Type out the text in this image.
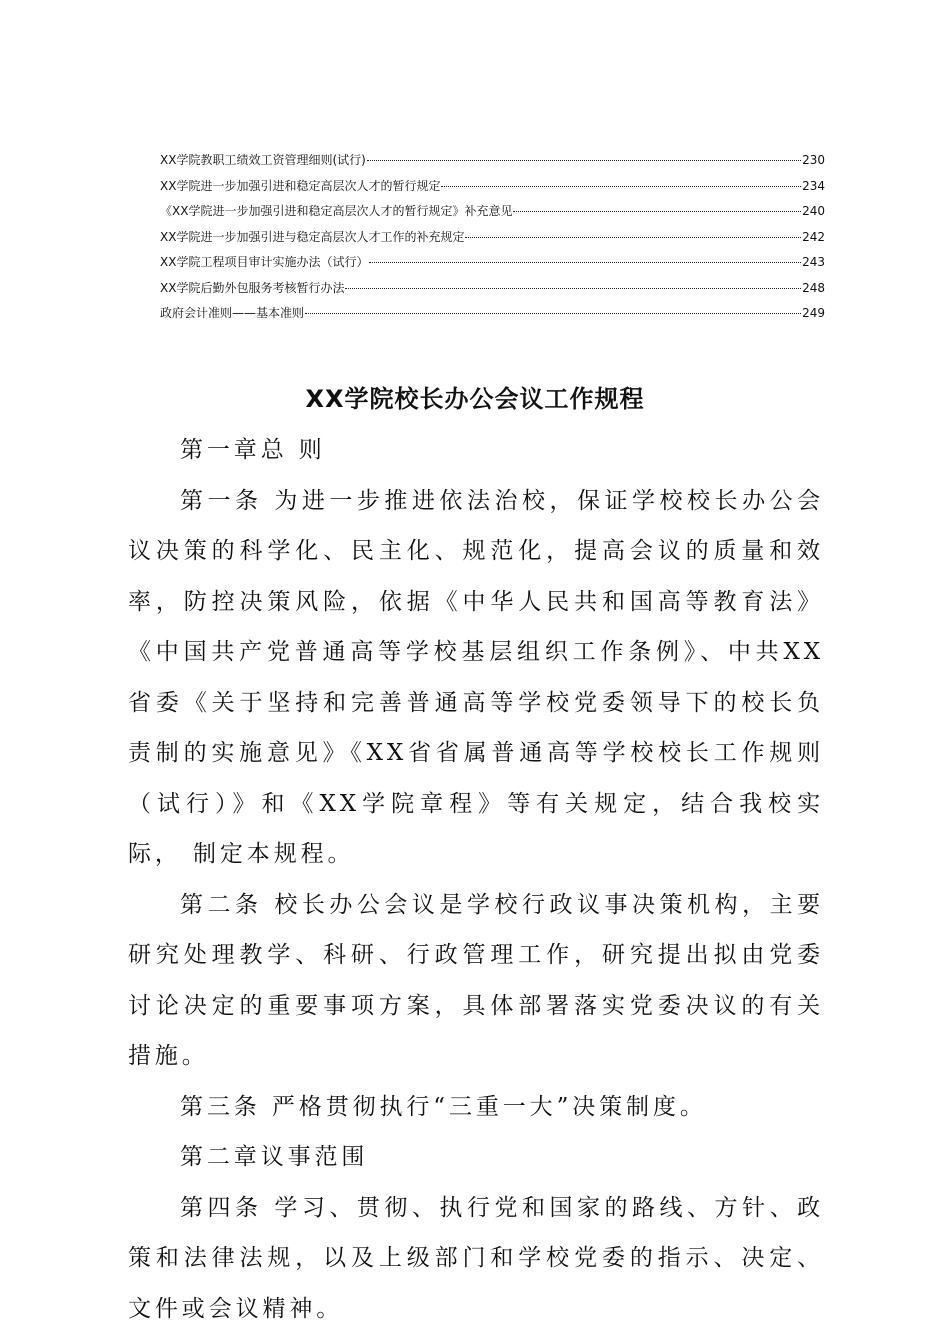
XX学院教职工绩效工资管理细则(试行)	230
XX学院进一步加强引进和稳定高层次人才的暂行规定	234
《XX学院进一步加强引进和稳定高层次人才的暂行规定》补充意见	240
XX学院进一步加强引进与稳定高层次人才工作的补充规定	242
XX学院工程项目审计实施办法（试行）	243
XX学院后勤外包服务考核暂行办法	248
政府会计准则——基本准则	249
XX学院校长办公会议工作规程

第一章总 则

第一条 为进一步推进依法治校，保证学校校长办公会议决策的科学化、民主化、规范化，提高会议的质量和效率，防控决策风险，依据《中华人民共和国高等教育法》《中国共产党普通高等学校基层组织工作条例》、中共XX省委《关于坚持和完善普通高等学校党委领导下的校长负责制的实施意见》《XX省省属普通高等学校校长工作规则（试行）》和《XX学院章程》等有关规定，结合我校实际， 制定本规程。

第二条 校长办公会议是学校行政议事决策机构，主要研究处理教学、科研、行政管理工作，研究提出拟由党委讨论决定的重要事项方案，具体部署落实党委决议的有关措施。

第三条 严格贯彻执行“三重一大”决策制度。

第二章议事范围

第四条 学习、贯彻、执行党和国家的路线、方针、政策和法律法规，以及上级部门和学校党委的指示、决定、文件或会议精神。
